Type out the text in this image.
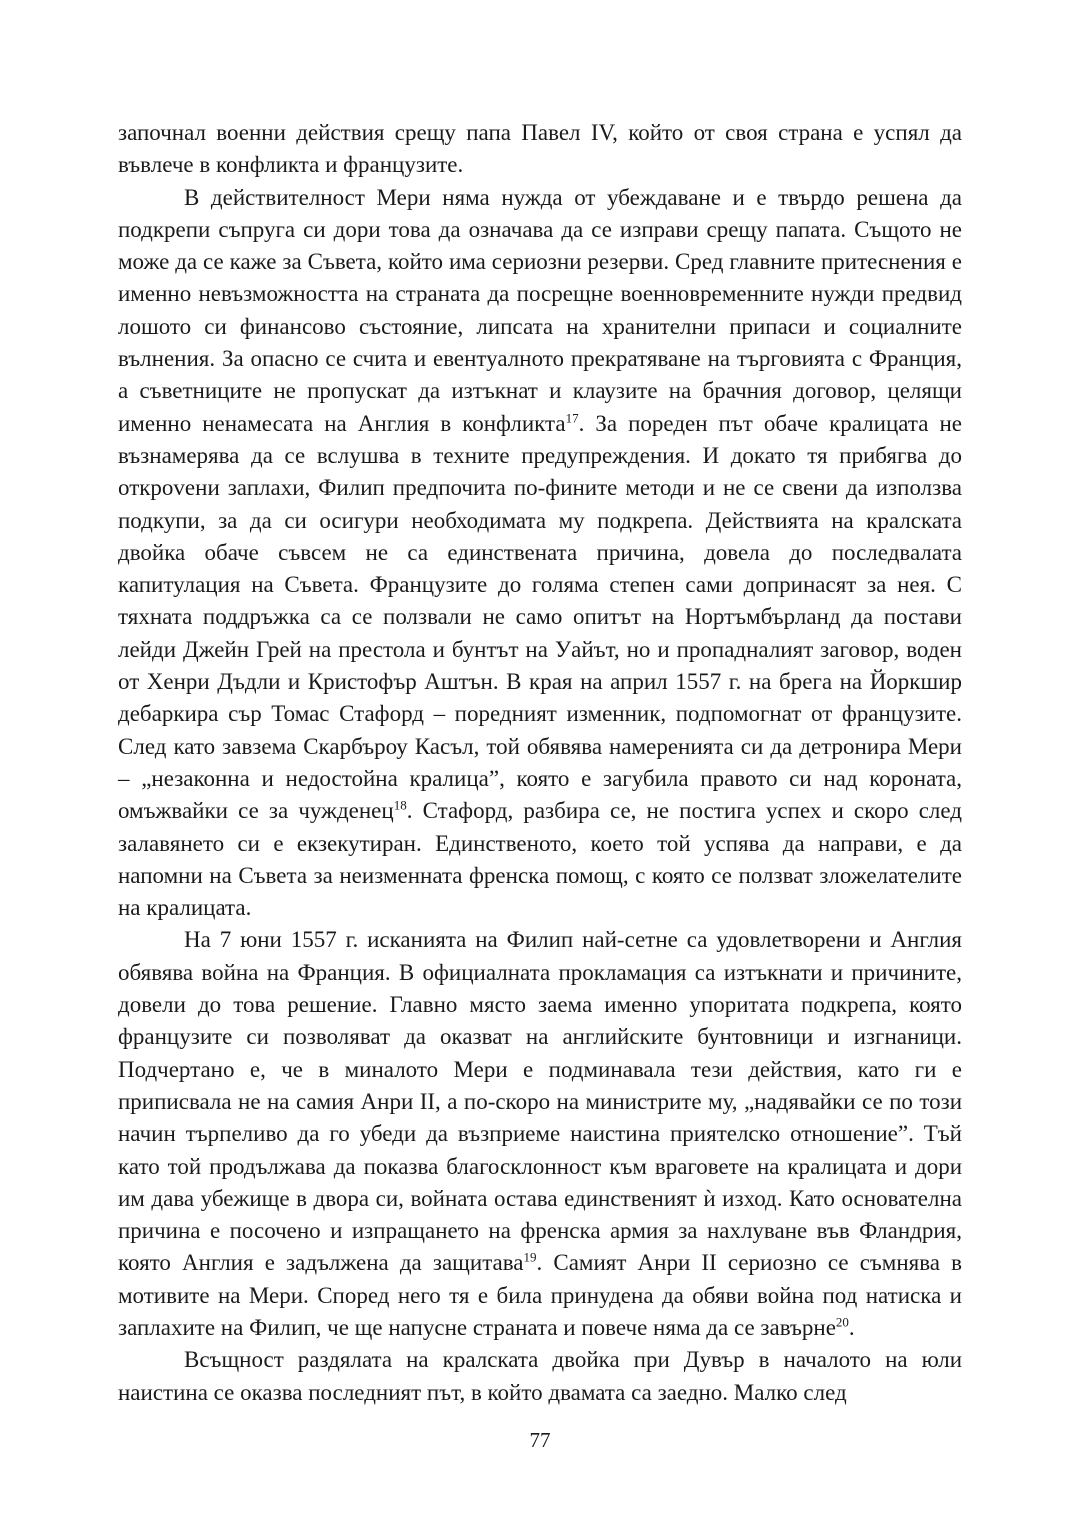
започнал военни действия срещу папа Павел IV, който от своя страна е успял да въвлече в конфликта и французите.

В действителност Мери няма нужда от убеждаване и е твърдо решена да подкрепи съпруга си дори това да означава да се изправи срещу папата. Същото не може да се каже за Съвета, който има сериозни резерви. Сред главните притеснения е именно невъзможността на страната да посрещне военновременните нужди предвид лошото си финансово състояние, липсата на хранителни припаси и социалните вълнения. За опасно се счита и евентуалното прекратяване на търговията с Франция, а съветниците не пропускат да изтъкнат и клаузите на брачния договор, целящи именно ненамесата на Англия в конфликта$^{17}$. За пореден път обаче кралицата не възнамерява да се вслушва в техните предупреждения. И докато тя прибягва до открovени заплахи, Филип предпочита по-фините методи и не се свени да използва подкупи, за да си осигури необходимата му подкрепа. Действията на кралската двойка обаче съвсем не са единствената причина, довела до последвалата капитулация на Съвета. Французите до голяма степен сами допринасят за нея. С тяхната поддръжка са се ползвали не само опитът на Нортъмбърланд да постави лейди Джейн Грей на престола и бунтът на Уайът, но и пропадналият заговор, воден от Хенри Дъдли и Кристофър Аштън. В края на април 1557 г. на брега на Йоркшир дебаркира сър Томас Стафорд – поредният изменник, подпомогнат от французите. След като завзема Скарбъроу Касъл, той обявява намеренията си да детронира Мери – „незаконна и недостойна кралица”, която е загубила правото си над короната, омъжвайки се за чужденец$^{18}$. Стафорд, разбира се, не постига успех и скоро след залавянето си е екзекутиран. Единственото, което той успява да направи, е да напомни на Съвета за неизменната френска помощ, с която се ползват зложелателите на кралицата.

На 7 юни 1557 г. исканията на Филип най-сетне са удовлетворени и Англия обявява война на Франция. В официалната прокламация са изтъкнати и причините, довели до това решение. Главно място заема именно упоритата подкрепа, която французите си позволяват да оказват на английските бунтовници и изгнаници. Подчертано е, че в миналото Мери е подминавала тези действия, като ги е приписвала не на самия Анри II, а по-скоро на министрите му, „надявайки се по този начин търпеливо да го убеди да възприеме наистина приятелско отношение”. Тъй като той продължава да показва благосклонност към враговете на кралицата и дори им дава убежище в двора си, войната остава единственият ѝ изход. Като основателна причина е посочено и изпращането на френска армия за нахлуване във Фландрия, която Англия е задължена да защитава$^{19}$. Самият Анри II сериозно се съмнява в мотивите на Мери. Според него тя е била принудена да обяви война под натиска и заплахите на Филип, че ще напусне страната и повече няма да се завърне$^{20}$.

Всъщност раздялата на кралската двойка при Дувър в началото на юли наистина се оказва последният път, в който двамата са заедно. Малко след

77
